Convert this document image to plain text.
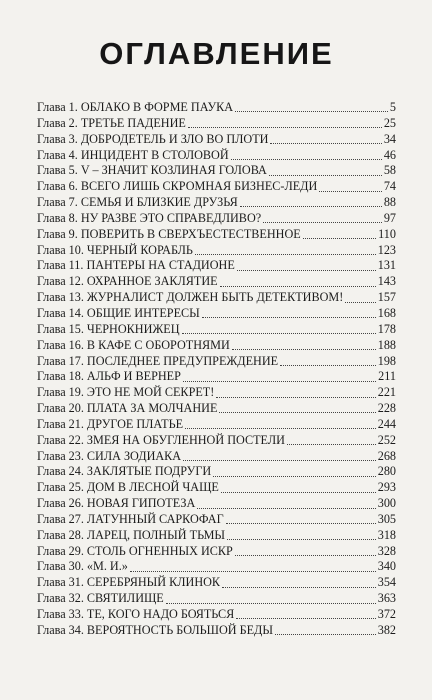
ОГЛАВЛЕНИЕ
Глава 1. ОБЛАКО В ФОРМЕ ПАУКА	5
Глава 2. ТРЕТЬЕ ПАДЕНИЕ	25
Глава 3. ДОБРОДЕТЕЛЬ И ЗЛО ВО ПЛОТИ	34
Глава 4. ИНЦИДЕНТ В СТОЛОВОЙ	46
Глава 5. V – ЗНАЧИТ КОЗЛИНАЯ ГОЛОВА	58
Глава 6. ВСЕГО ЛИШЬ СКРОМНАЯ БИЗНЕС-ЛЕДИ	74
Глава 7. СЕМЬЯ И БЛИЗКИЕ ДРУЗЬЯ	88
Глава 8. НУ РАЗВЕ ЭТО СПРАВЕДЛИВО?	97
Глава 9. ПОВЕРИТЬ В СВЕРХЪЕСТЕСТВЕННОЕ	110
Глава 10. ЧЕРНЫЙ КОРАБЛЬ	123
Глава 11. ПАНТЕРЫ НА СТАДИОНЕ	131
Глава 12. ОХРАННОЕ ЗАКЛЯТИЕ	143
Глава 13. ЖУРНАЛИСТ ДОЛЖЕН БЫТЬ ДЕТЕКТИВОМ!	157
Глава 14. ОБЩИЕ ИНТЕРЕСЫ	168
Глава 15. ЧЕРНОКНИЖЕЦ	178
Глава 16. В КАФЕ С ОБОРОТНЯМИ	188
Глава 17. ПОСЛЕДНЕЕ ПРЕДУПРЕЖДЕНИЕ	198
Глава 18. АЛЬФ И ВЕРНЕР	211
Глава 19. ЭТО НЕ МОЙ СЕКРЕТ!	221
Глава 20. ПЛАТА ЗА МОЛЧАНИЕ	228
Глава 21. ДРУГОЕ ПЛАТЬЕ	244
Глава 22. ЗМЕЯ НА ОБУГЛЕННОЙ ПОСТЕЛИ	252
Глава 23. СИЛА ЗОДИАКА	268
Глава 24. ЗАКЛЯТЫЕ ПОДРУГИ	280
Глава 25. ДОМ В ЛЕСНОЙ ЧАЩЕ	293
Глава 26. НОВАЯ ГИПОТЕЗА	300
Глава 27. ЛАТУННЫЙ САРКОФАГ	305
Глава 28. ЛАРЕЦ, ПОЛНЫЙ ТЬМЫ	318
Глава 29. СТОЛЬ ОГНЕННЫХ ИСКР	328
Глава 30. «М. И.»	340
Глава 31. СЕРЕБРЯНЫЙ КЛИНОК	354
Глава 32. СВЯТИЛИЩЕ	363
Глава 33. ТЕ, КОГО НАДО БОЯТЬСЯ	372
Глава 34. ВЕРОЯТНОСТЬ БОЛЬШОЙ БЕДЫ	382
